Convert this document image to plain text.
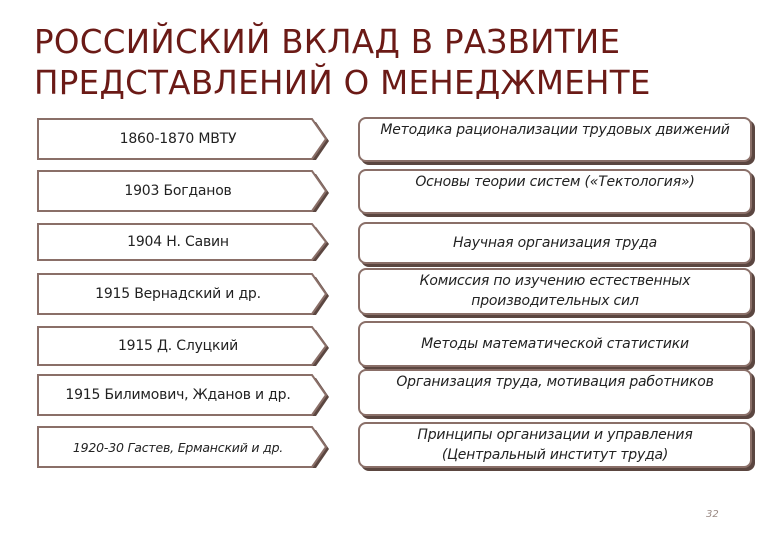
РОССИЙСКИЙ ВКЛАД В РАЗВИТИЕ
ПРЕДСТАВЛЕНИЙ О МЕНЕДЖМЕНТЕ
1860-1870 МВТУ
Методика рационализации трудовых движений
1903 Богданов
Основы теории систем («Тектология»)
1904 Н. Савин	Научная организация труда
1915 Вернадский и др.
Комиссия по изучению естественных производительных сил
1915 Д. Слуцкий	Методы математической статистики
1915 Билимович, Жданов и др.
Организация труда, мотивация работников
1920-30 Гастев, Ерманский и др.
Принципы организации и управления (Центральный институт труда)
32
